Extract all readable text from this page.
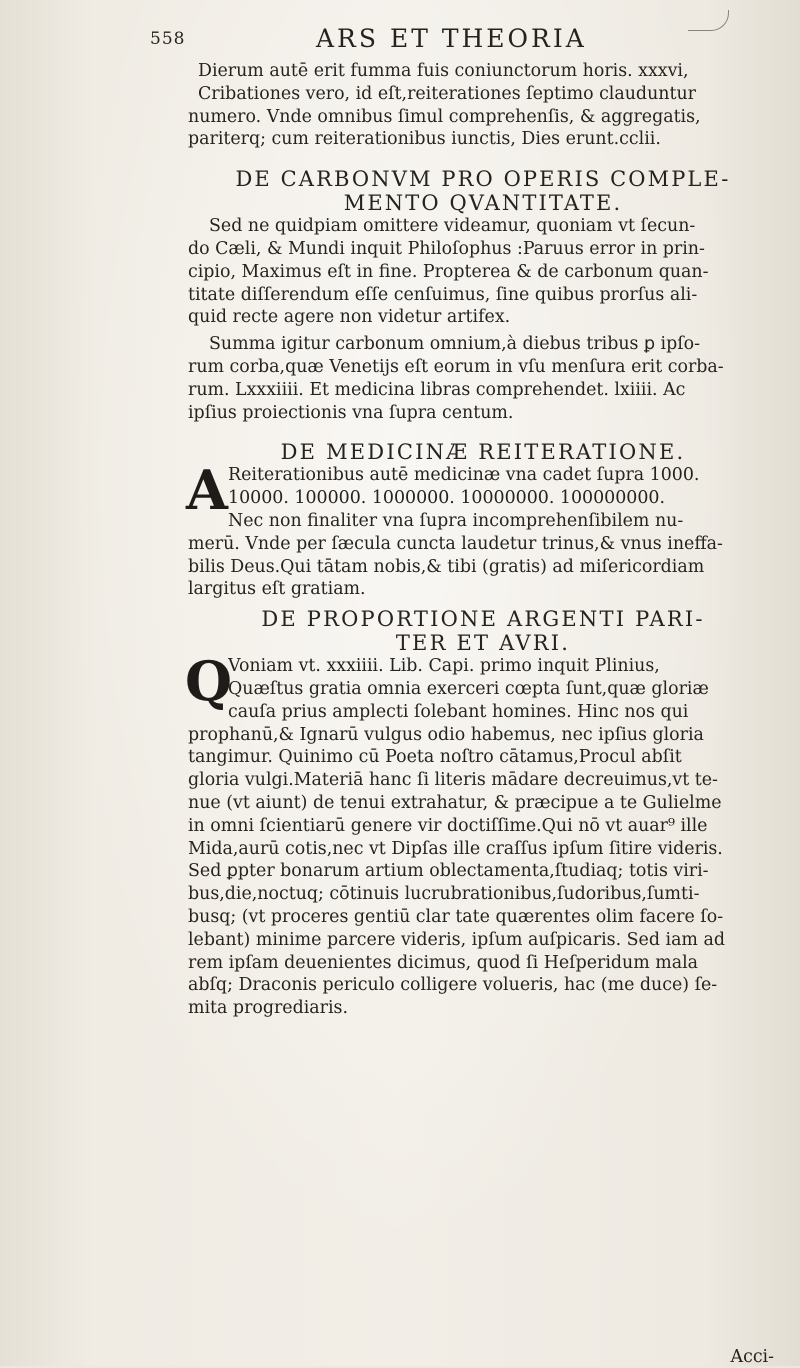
558	ARS ET THEORIA
Dierum autē erit fumma fuis coniunctorum horis. xxxvi,
Cribationes vero, id eſt,reiterationes ſeptimo clauduntur
numero. Vnde omnibus ſimul comprehenſis, & aggregatis,
pariterq; cum reiterationibus iunctis, Dies erunt.cclii.
DE CARBONVM PRO OPERIS COMPLE-
MENTO QVANTITATE.
Sed ne quidpiam omittere videamur, quoniam vt ſecun-
do Cæli, & Mundi inquit Philoſophus :Paruus error in prin-
cipio, Maximus eſt in fine. Propterea & de carbonum quan-
titate diſſerendum eſſe cenſuimus, ſine quibus prorſus ali-
quid recte agere non videtur artifex.
Summa igitur carbonum omnium,à diebus tribus ꝑ ipſo-
rum corba,quæ Venetijs eſt eorum in vſu menſura erit corba-
rum. Lxxxiiii. Et medicina libras comprehendet. lxiiii. Ac
ipſius proiectionis vna ſupra centum.
DE MEDICINÆ REITERATIONE.
A Reiterationibus autē medicinæ vna cadet ſupra 1000.
10000. 100000. 1000000. 10000000. 100000000.
Nec non finaliter vna ſupra incomprehenſibilem nu-
merū. Vnde per ſæcula cuncta laudetur trinus,& vnus ineffa-
bilis Deus.Qui tātam nobis,& tibi (gratis) ad miſericordiam
largitus eſt gratiam.
DE PROPORTIONE ARGENTI PARI-
TER ET AVRI.
Q
Voniam vt. xxxiiii. Lib. Capi. primo inquit Plinius,
Quæſtus gratia omnia exerceri cœpta ſunt,quæ gloriæ
cauſa prius amplecti ſolebant homines. Hinc nos qui
prophanū,& Ignarū vulgus odio habemus, nec ipſius gloria
tangimur. Quinimo cū Poeta noſtro cātamus,Procul abſit
gloria vulgi.Materiā hanc ſi literis mādare decreuimus,vt te-
nue (vt aiunt) de tenui extrahatur, & præcipue a te Gulielme
in omni ſcientiarū genere vir doctiſſime.Qui nō vt auar⁹ ille
Mida,aurū cotis,nec vt Dipſas ille craſſus ipſum ſitire videris.
Sed ꝑpter bonarum artium oblectamenta,ſtudiaq; totis viri-
bus,die,noctuq; cōtinuis lucrubrationibus,ſudoribus,ſumti-
busq; (vt proceres gentiū clar tate quærentes olim facere ſo-
lebant) minime parcere videris, ipſum auſpicaris. Sed iam ad
rem ipſam deuenientes dicimus, quod ſi Heſperidum mala
abſq; Draconis periculo colligere volueris, hac (me duce) ſe-
mita progrediaris.
Acci-
